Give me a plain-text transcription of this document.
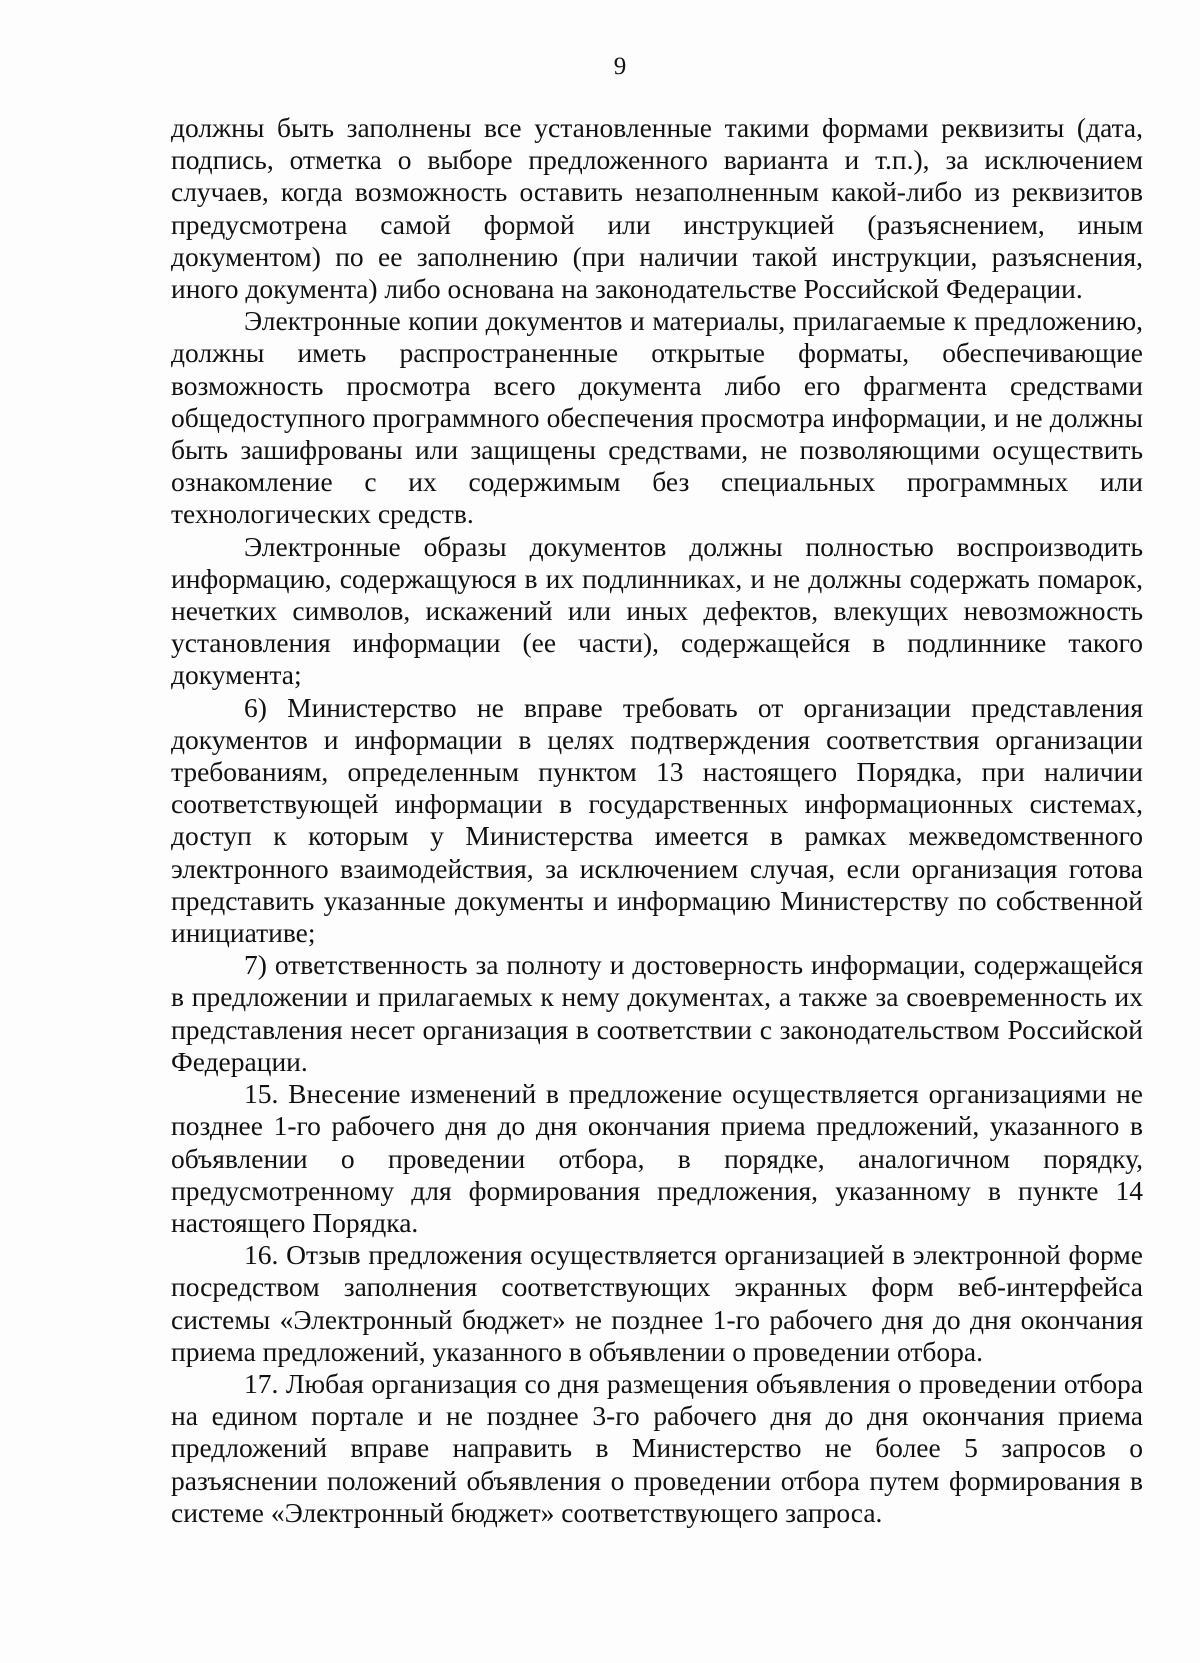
9

должны быть заполнены все установленные такими формами реквизиты (дата, подпись, отметка о выборе предложенного варианта и т.п.), за исключением случаев, когда возможность оставить незаполненным какой-либо из реквизитов предусмотрена самой формой или инструкцией (разъяснением, иным документом) по ее заполнению (при наличии такой инструкции, разъяснения, иного документа) либо основана на законодательстве Российской Федерации.

Электронные копии документов и материалы, прилагаемые к предложению, должны иметь распространенные открытые форматы, обеспечивающие возможность просмотра всего документа либо его фрагмента средствами общедоступного программного обеспечения просмотра информации, и не должны быть зашифрованы или защищены средствами, не позволяющими осуществить ознакомление с их содержимым без специальных программных или технологических средств.

Электронные образы документов должны полностью воспроизводить информацию, содержащуюся в их подлинниках, и не должны содержать помарок, нечетких символов, искажений или иных дефектов, влекущих невозможность установления информации (ее части), содержащейся в подлиннике такого документа;

6) Министерство не вправе требовать от организации представления документов и информации в целях подтверждения соответствия организации требованиям, определенным пунктом 13 настоящего Порядка, при наличии соответствующей информации в государственных информационных системах, доступ к которым у Министерства имеется в рамках межведомственного электронного взаимодействия, за исключением случая, если организация готова представить указанные документы и информацию Министерству по собственной инициативе;

7) ответственность за полноту и достоверность информации, содержащейся в предложении и прилагаемых к нему документах, а также за своевременность их представления несет организация в соответствии с законодательством Российской Федерации.

15. Внесение изменений в предложение осуществляется организациями не позднее 1-го рабочего дня до дня окончания приема предложений, указанного в объявлении о проведении отбора, в порядке, аналогичном порядку, предусмотренному для формирования предложения, указанному в пункте 14 настоящего Порядка.

16. Отзыв предложения осуществляется организацией в электронной форме посредством заполнения соответствующих экранных форм веб-интерфейса системы «Электронный бюджет» не позднее 1-го рабочего дня до дня окончания приема предложений, указанного в объявлении о проведении отбора.

17. Любая организация со дня размещения объявления о проведении отбора на едином портале и не позднее 3-го рабочего дня до дня окончания приема предложений вправе направить в Министерство не более 5 запросов о разъяснении положений объявления о проведении отбора путем формирования в системе «Электронный бюджет» соответствующего запроса.
